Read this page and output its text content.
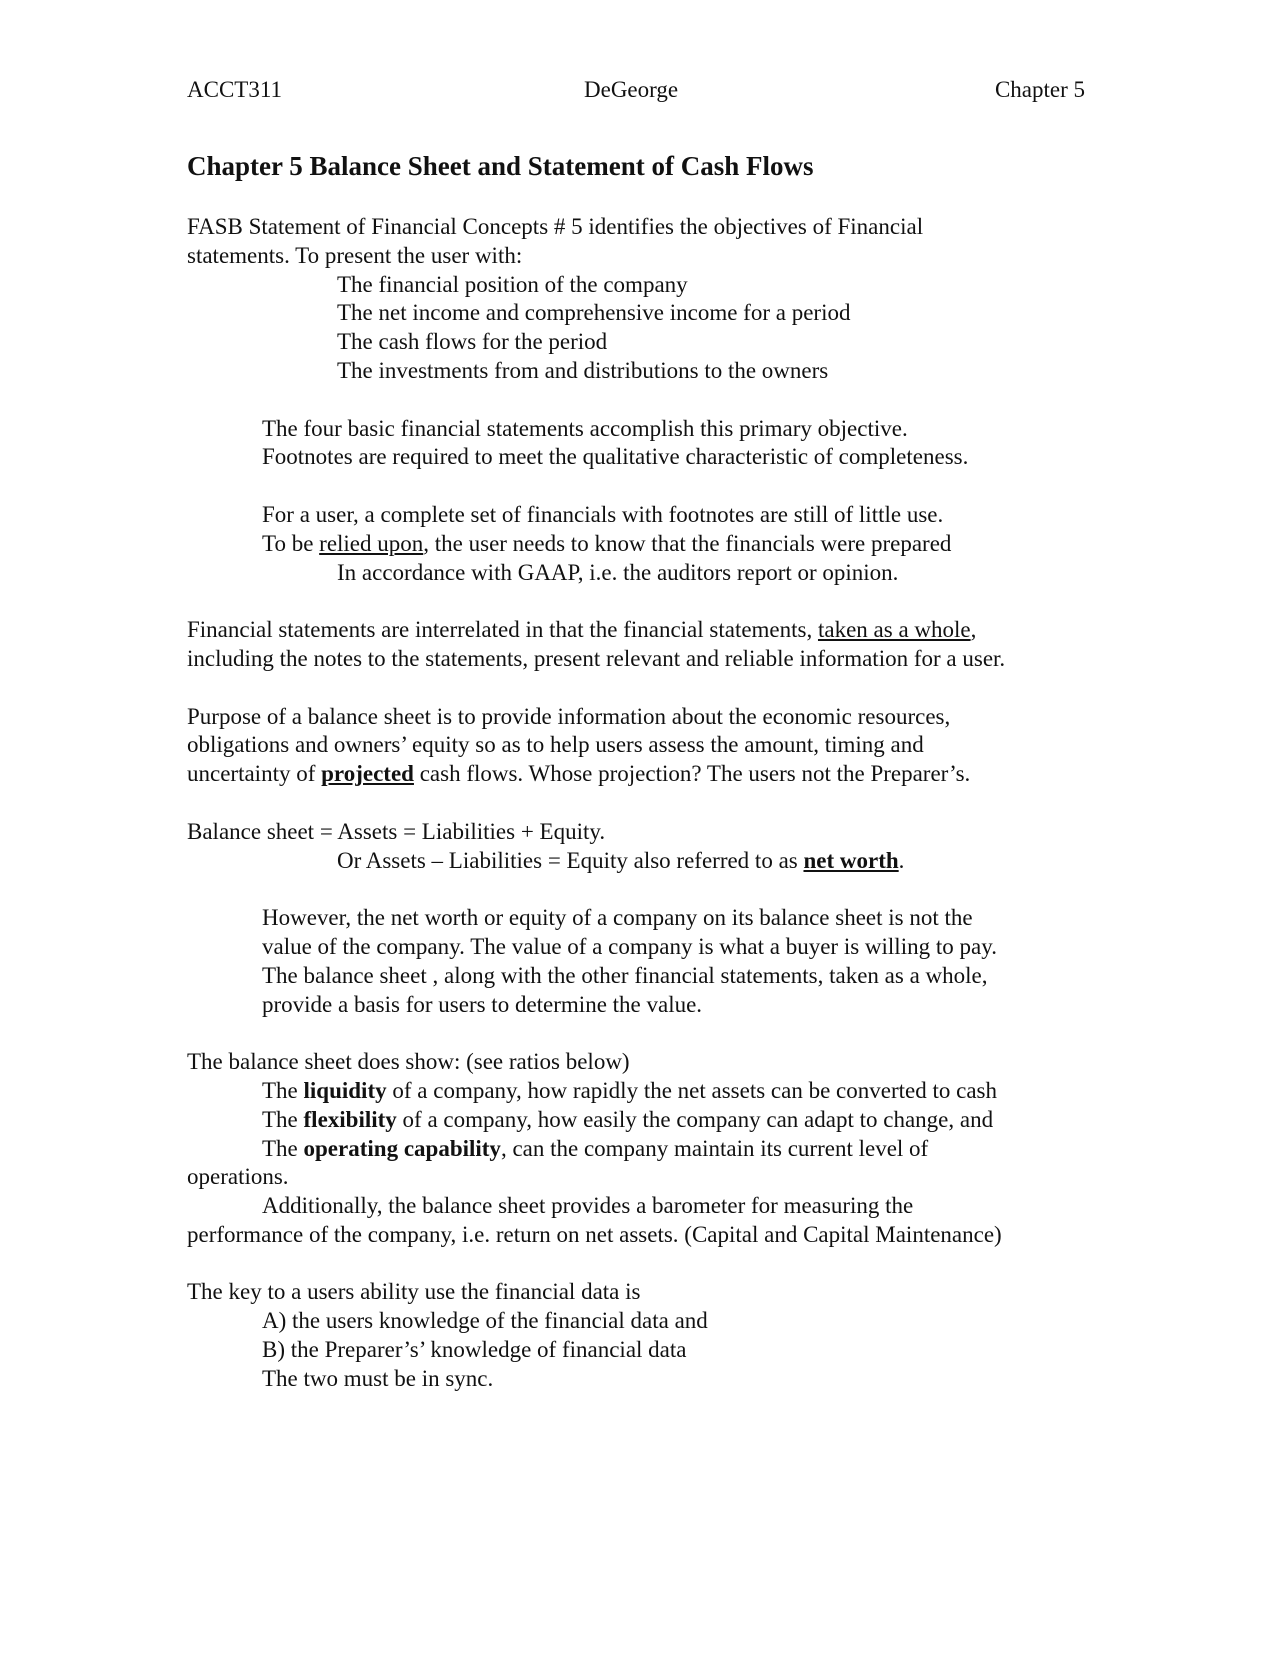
ACCT311	DeGeorge	Chapter 5
Chapter 5 Balance Sheet and Statement of Cash Flows

FASB Statement of Financial Concepts # 5 identifies the objectives of Financial
statements. To present the user with:
The financial position of the company
The net income and comprehensive income for a period
The cash flows for the period
The investments from and distributions to the owners

The four basic financial statements accomplish this primary objective.
Footnotes are required to meet the qualitative characteristic of completeness.

For a user, a complete set of financials with footnotes are still of little use.
To be relied upon, the user needs to know that the financials were prepared
In accordance with GAAP, i.e. the auditors report or opinion.

Financial statements are interrelated in that the financial statements, taken as a whole,
including the notes to the statements, present relevant and reliable information for a user.

Purpose of a balance sheet is to provide information about the economic resources,
obligations and owners’ equity so as to help users assess the amount, timing and
uncertainty of projected cash flows. Whose projection? The users not the Preparer’s.

Balance sheet = Assets = Liabilities + Equity.
Or Assets – Liabilities = Equity also referred to as net worth.

However, the net worth or equity of a company on its balance sheet is not the
value of the company. The value of a company is what a buyer is willing to pay.
The balance sheet , along with the other financial statements, taken as a whole,
provide a basis for users to determine the value.

The balance sheet does show: (see ratios below)
The liquidity of a company, how rapidly the net assets can be converted to cash
The flexibility of a company, how easily the company can adapt to change, and
The operating capability, can the company maintain its current level of
operations.
Additionally, the balance sheet provides a barometer for measuring the
performance of the company, i.e. return on net assets. (Capital and Capital Maintenance)

The key to a users ability use the financial data is
A) the users knowledge of the financial data and
B) the Preparer’s’ knowledge of financial data
The two must be in sync.
